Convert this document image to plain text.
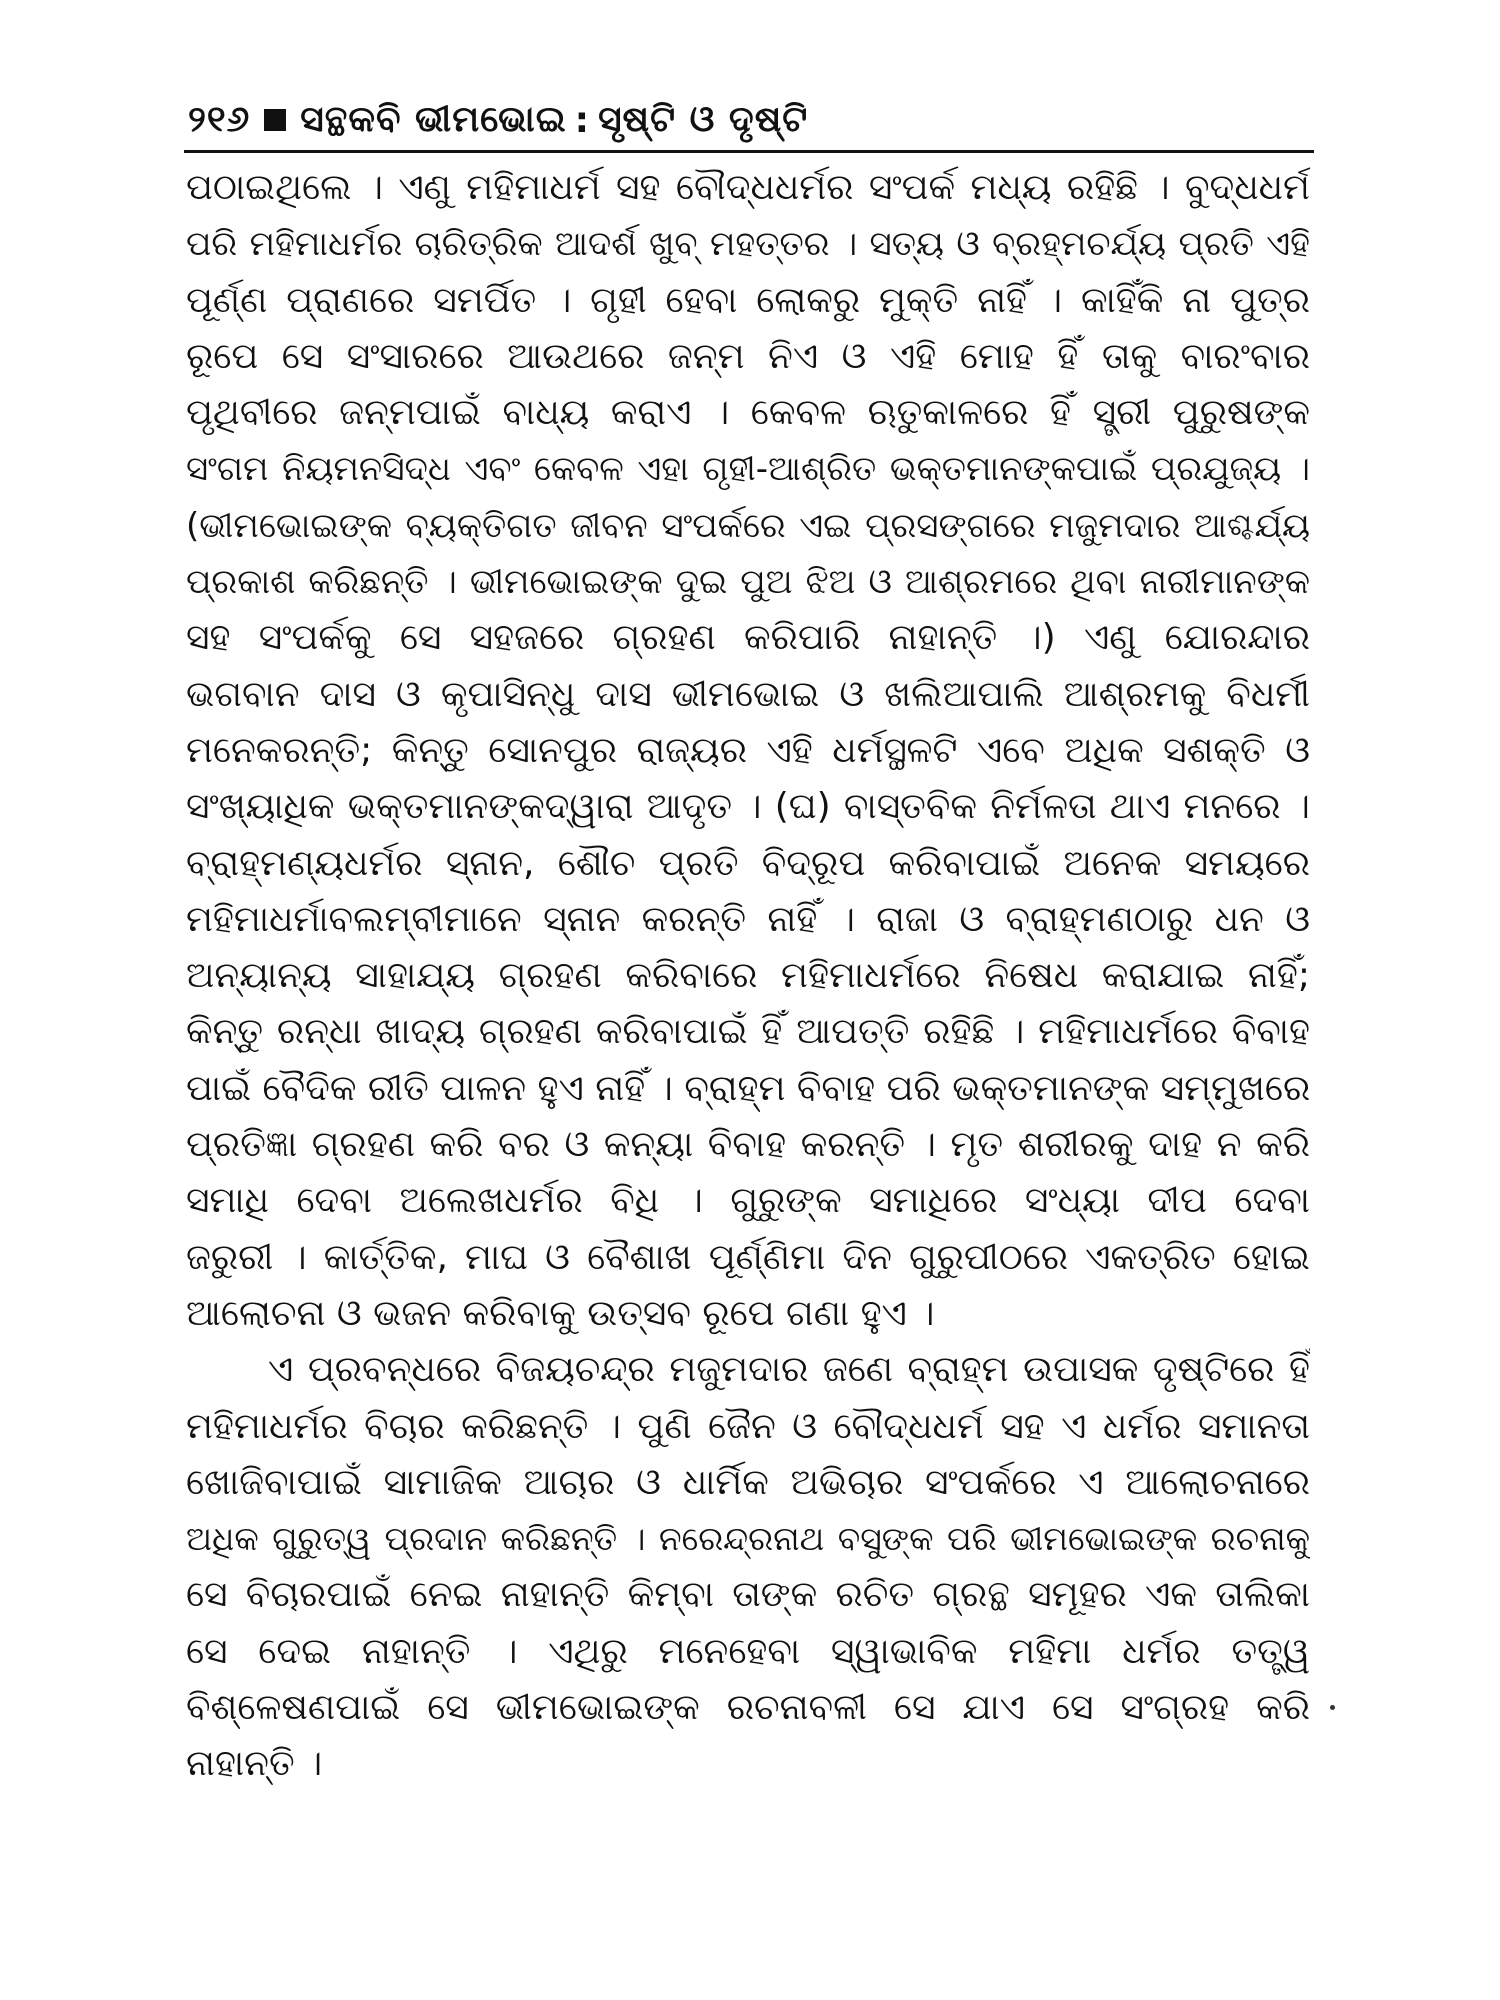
୨୧୬ ସନ୍ଥକବି ଭୀମଭୋଇ : ସୃଷ୍ଟି ଓ ଦୃଷ୍ଟି
ପଠାଇଥିଲେ । ଏଣୁ ମହିମାଧର୍ମ ସହ ବୌଦ୍ଧଧର୍ମର ସଂପର୍କ ମଧ୍ୟ ରହିଛି । ବୁଦ୍ଧଧର୍ମ
ପରି ମହିମାଧର୍ମର ଚାରିତ୍ରିକ ଆଦର୍ଶ ଖୁବ୍ ମହତ୍ତର । ସତ୍ୟ ଓ ବ୍ରହ୍ମଚର୍ଯ୍ୟ ପ୍ରତି ଏହି
ପୂର୍ଣ୍ଣ ପ୍ରାଣରେ ସମର୍ପିତ । ଗୃହୀ ହେବା ଲୋକରୁ ମୁକ୍ତି ନାହିଁ । କାହିଁକି ନା ପୁତ୍ର
ରୂପେ ସେ ସଂସାରରେ ଆଉଥରେ ଜନ୍ମ ନିଏ ଓ ଏହି ମୋହ ହିଁ ତାକୁ ବାରଂବାର
ପୃଥିବୀରେ ଜନ୍ମପାଇଁ ବାଧ୍ୟ କରାଏ । କେବଳ ଋତୁକାଳରେ ହିଁ ସ୍ତ୍ରୀ ପୁରୁଷଙ୍କ
ସଂଗମ ନିୟମନସିଦ୍ଧ ଏବଂ କେବଳ ଏହା ଗୃହୀ-ଆଶ୍ରିତ ଭକ୍ତମାନଙ୍କପାଇଁ ପ୍ରଯୁଜ୍ୟ ।
(ଭୀମଭୋଇଙ୍କ ବ୍ୟକ୍ତିଗତ ଜୀବନ ସଂପର୍କରେ ଏଇ ପ୍ରସଙ୍ଗରେ ମଜୁମଦାର ଆଶ୍ଚର୍ଯ୍ୟ
ପ୍ରକାଶ କରିଛନ୍ତି । ଭୀମଭୋଇଙ୍କ ଦୁଇ ପୁଅ ଝିଅ ଓ ଆଶ୍ରମରେ ଥିବା ନାରୀମାନଙ୍କ
ସହ ସଂପର୍କକୁ ସେ ସହଜରେ ଗ୍ରହଣ କରିପାରି ନାହାନ୍ତି ।) ଏଣୁ ଯୋରନ୍ଦାର
ଭଗବାନ ଦାସ ଓ କୃପାସିନ୍ଧୁ ଦାସ ଭୀମଭୋଇ ଓ ଖଲିଆପାଲି ଆଶ୍ରମକୁ ବିଧର୍ମୀ
ମନେକରନ୍ତି; କିନ୍ତୁ ସୋନପୁର ରାଜ୍ୟର ଏହି ଧର୍ମସ୍ଥଳଟି ଏବେ ଅଧିକ ସଶକ୍ତି ଓ
ସଂଖ୍ୟାଧିକ ଭକ୍ତମାନଙ୍କଦ୍ୱାରା ଆଦୃତ । (ଘ) ବାସ୍ତବିକ ନିର୍ମଳତା ଥାଏ ମନରେ ।
ବ୍ରାହ୍ମଣ୍ୟଧର୍ମର ସ୍ନାନ, ଶୌଚ ପ୍ରତି ବିଦ୍ରୂପ କରିବାପାଇଁ ଅନେକ ସମୟରେ
ମହିମାଧର୍ମାବଲମ୍ବୀମାନେ ସ୍ନାନ କରନ୍ତି ନାହିଁ । ରାଜା ଓ ବ୍ରାହ୍ମଣଠାରୁ ଧନ ଓ
ଅନ୍ୟାନ୍ୟ ସାହାଯ୍ୟ ଗ୍ରହଣ କରିବାରେ ମହିମାଧର୍ମରେ ନିଷେଧ କରାଯାଇ ନାହିଁ;
କିନ୍ତୁ ରନ୍ଧା ଖାଦ୍ୟ ଗ୍ରହଣ କରିବାପାଇଁ ହିଁ ଆପତ୍ତି ରହିଛି । ମହିମାଧର୍ମରେ ବିବାହ
ପାଇଁ ବୈଦିକ ରୀତି ପାଳନ ହୁଏ ନାହିଁ । ବ୍ରାହ୍ମ ବିବାହ ପରି ଭକ୍ତମାନଙ୍କ ସମ୍ମୁଖରେ
ପ୍ରତିଜ୍ଞା ଗ୍ରହଣ କରି ବର ଓ କନ୍ୟା ବିବାହ କରନ୍ତି । ମୃତ ଶରୀରକୁ ଦାହ ନ କରି
ସମାଧି ଦେବା ଅଲେଖଧର୍ମର ବିଧି । ଗୁରୁଙ୍କ ସମାଧିରେ ସଂଧ୍ୟା ଦୀପ ଦେବା
ଜରୁରୀ । କାର୍ତ୍ତିକ, ମାଘ ଓ ବୈଶାଖ ପୂର୍ଣ୍ଣିମା ଦିନ ଗୁରୁପୀଠରେ ଏକତ୍ରିତ ହୋଇ
ଆଲୋଚନା ଓ ଭଜନ କରିବାକୁ ଉତ୍ସବ ରୂପେ ଗଣା ହୁଏ ।
ଏ ପ୍ରବନ୍ଧରେ ବିଜୟଚନ୍ଦ୍ର ମଜୁମଦାର ଜଣେ ବ୍ରାହ୍ମ ଉପାସକ ଦୃଷ୍ଟିରେ ହିଁ
ମହିମାଧର୍ମର ବିଚାର କରିଛନ୍ତି । ପୁଣି ଜୈନ ଓ ବୌଦ୍ଧଧର୍ମ ସହ ଏ ଧର୍ମର ସମାନତା
ଖୋଜିବାପାଇଁ ସାମାଜିକ ଆଚାର ଓ ଧାର୍ମିକ ଅଭିଚାର ସଂପର୍କରେ ଏ ଆଲୋଚନାରେ
ଅଧିକ ଗୁରୁତ୍ୱ ପ୍ରଦାନ କରିଛନ୍ତି । ନରେନ୍ଦ୍ରନାଥ ବସୁଙ୍କ ପରି ଭୀମଭୋଇଙ୍କ ରଚନାକୁ
ସେ ବିଚାରପାଇଁ ନେଇ ନାହାନ୍ତି କିମ୍ବା ତାଙ୍କ ରଚିତ ଗ୍ରନ୍ଥ ସମୂହର ଏକ ତାଲିକା
ସେ ଦେଇ ନାହାନ୍ତି । ଏଥିରୁ ମନେହେବା ସ୍ୱାଭାବିକ ମହିମା ଧର୍ମର ତତ୍ତ୍ୱ
ବିଶ୍ଳେଷଣପାଇଁ ସେ ଭୀମଭୋଇଙ୍କ ରଚନାବଳୀ ସେ ଯାଏ ସେ ସଂଗ୍ରହ କରି
ନାହାନ୍ତି ।
